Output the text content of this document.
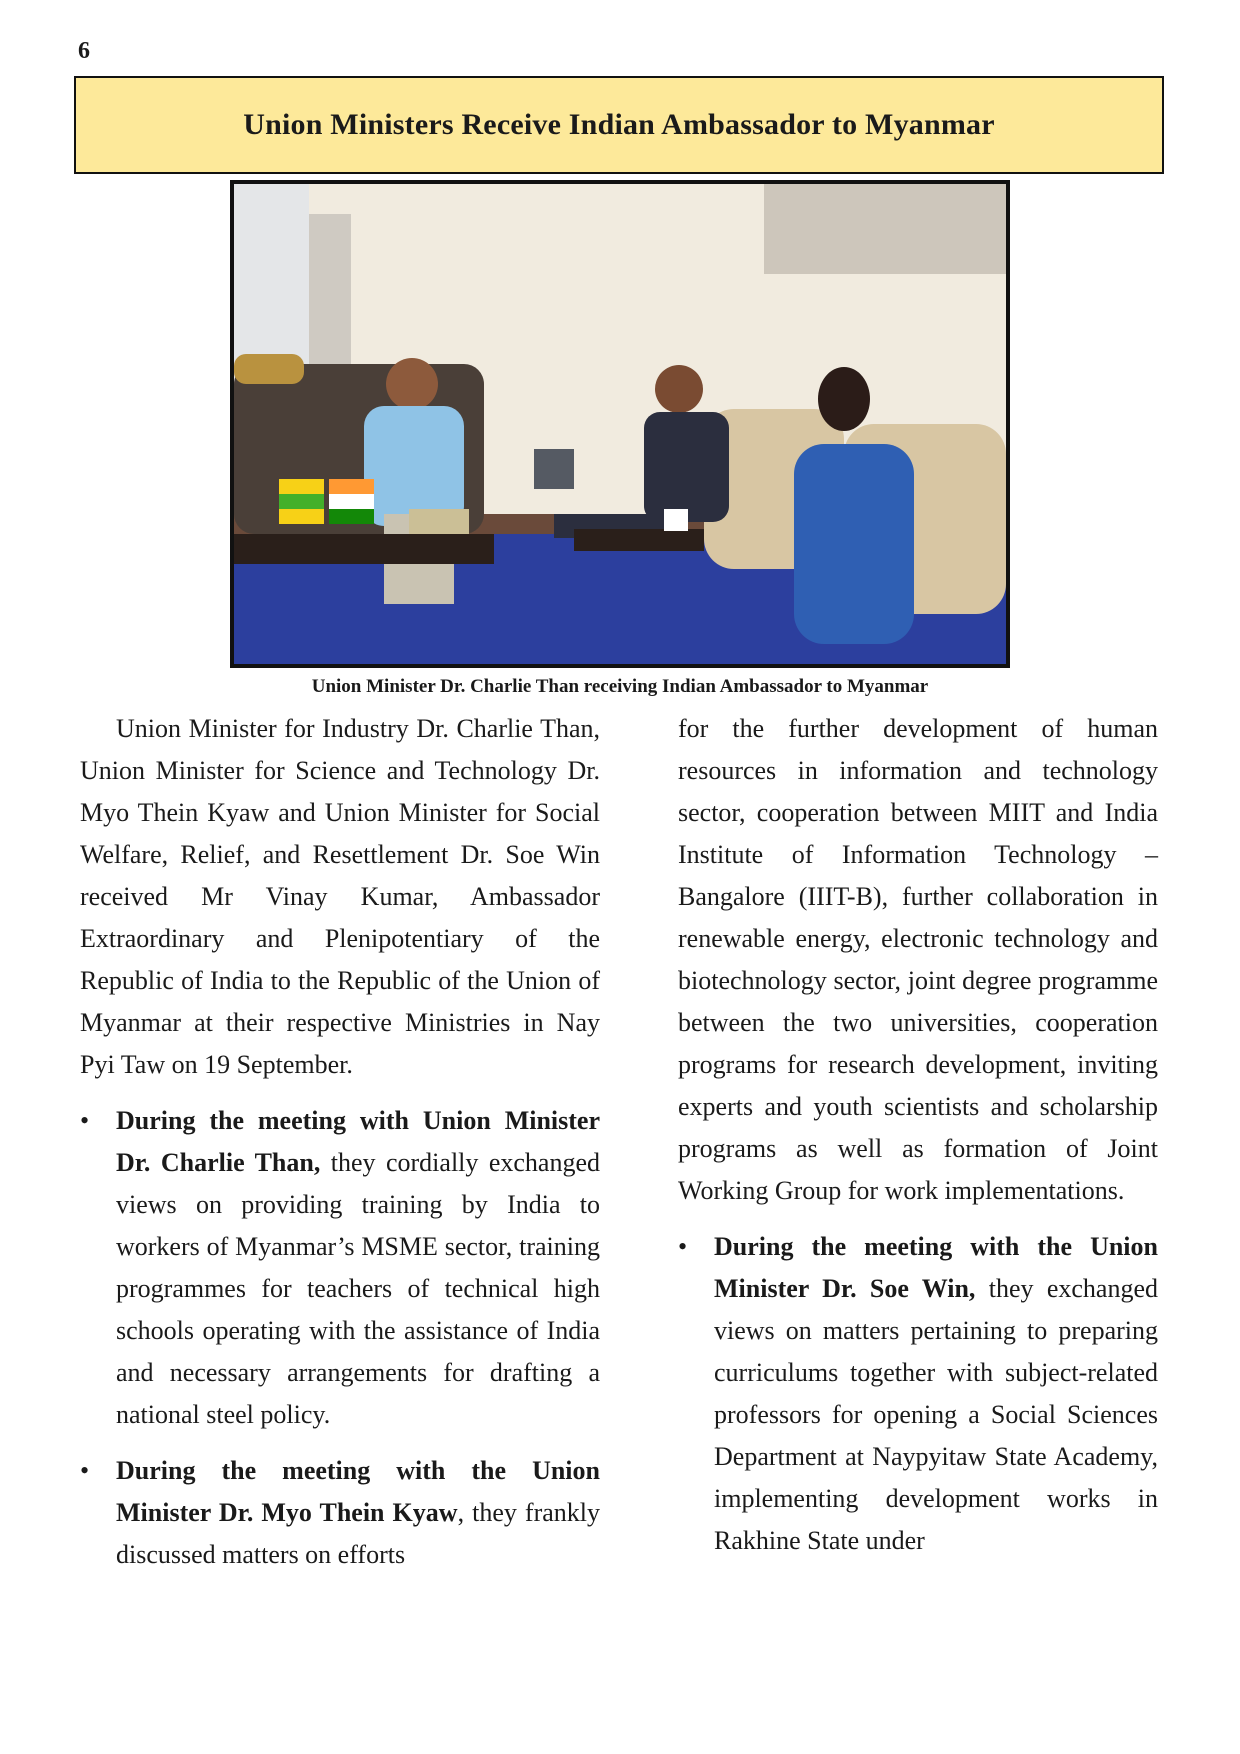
6
Union Ministers Receive Indian Ambassador to Myanmar
Union Minister Dr. Charlie Than receiving Indian Ambassador to Myanmar

Union Minister for Industry Dr. Charlie Than, Union Minister for Science and Technology Dr. Myo Thein Kyaw and Union Minister for Social Welfare, Relief, and Resettlement Dr. Soe Win received Mr Vinay Kumar, Ambassador Extraordinary and Plenipotentiary of the Republic of India to the Republic of the Union of Myanmar at their respective Ministries in Nay Pyi Taw on 19 September.

• During the meeting with Union Minister Dr. Charlie Than, they cordially exchanged views on providing training by India to workers of Myanmar’s MSME sector, training programmes for teachers of technical high schools operating with the assistance of India and necessary arrangements for drafting a national steel policy.

• During the meeting with the Union Minister Dr. Myo Thein Kyaw, they frankly discussed matters on efforts

for the further development of human resources in information and technology sector, cooperation between MIIT and India Institute of Information Technology – Bangalore (IIIT-B), further collaboration in renewable energy, electronic technology and biotechnology sector, joint degree programme between the two universities, cooperation programs for research development, inviting experts and youth scientists and scholarship programs as well as formation of Joint Working Group for work implementations.

• During the meeting with the Union Minister Dr. Soe Win, they exchanged views on matters pertaining to preparing curriculums together with subject-related professors for opening a Social Sciences Department at Naypyitaw State Academy, implementing development works in Rakhine State under
